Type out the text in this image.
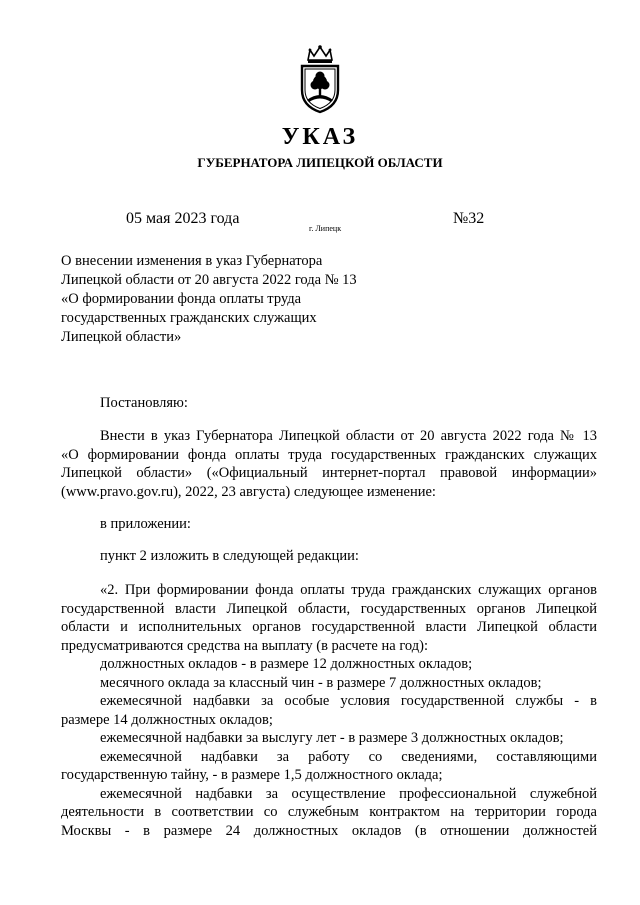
УКАЗ
ГУБЕРНАТОРА ЛИПЕЦКОЙ ОБЛАСТИ
05 мая 2023 года
г. Липецк
№32
О внесении изменения в указ Губернатора
Липецкой области от 20 августа 2022 года № 13
«О формировании фонда оплаты труда
государственных гражданских служащих
Липецкой области»
Постановляю:
Внести в указ Губернатора Липецкой области от 20 августа 2022 года № 13
«О формировании фонда оплаты труда государственных гражданских служащих
Липецкой области» («Официальный интернет-портал правовой информации»
(www.pravo.gov.ru), 2022, 23 августа) следующее изменение:
в приложении:
пункт 2 изложить в следующей редакции:
«2. При формировании фонда оплаты труда гражданских служащих органов
государственной власти Липецкой области, государственных органов Липецкой
области и исполнительных органов государственной власти Липецкой области
предусматриваются средства на выплату (в расчете на год):
должностных окладов - в размере 12 должностных окладов;
месячного оклада за классный чин - в размере 7 должностных окладов;
ежемесячной надбавки за особые условия государственной службы - в
размере 14 должностных окладов;
ежемесячной надбавки за выслугу лет - в размере 3 должностных окладов;
ежемесячной надбавки за работу со сведениями, составляющими
государственную тайну, - в размере 1,5 должностного оклада;
ежемесячной надбавки за осуществление профессиональной служебной
деятельности в соответствии со служебным контрактом на территории города
Москвы - в размере 24 должностных окладов (в отношении должностей
